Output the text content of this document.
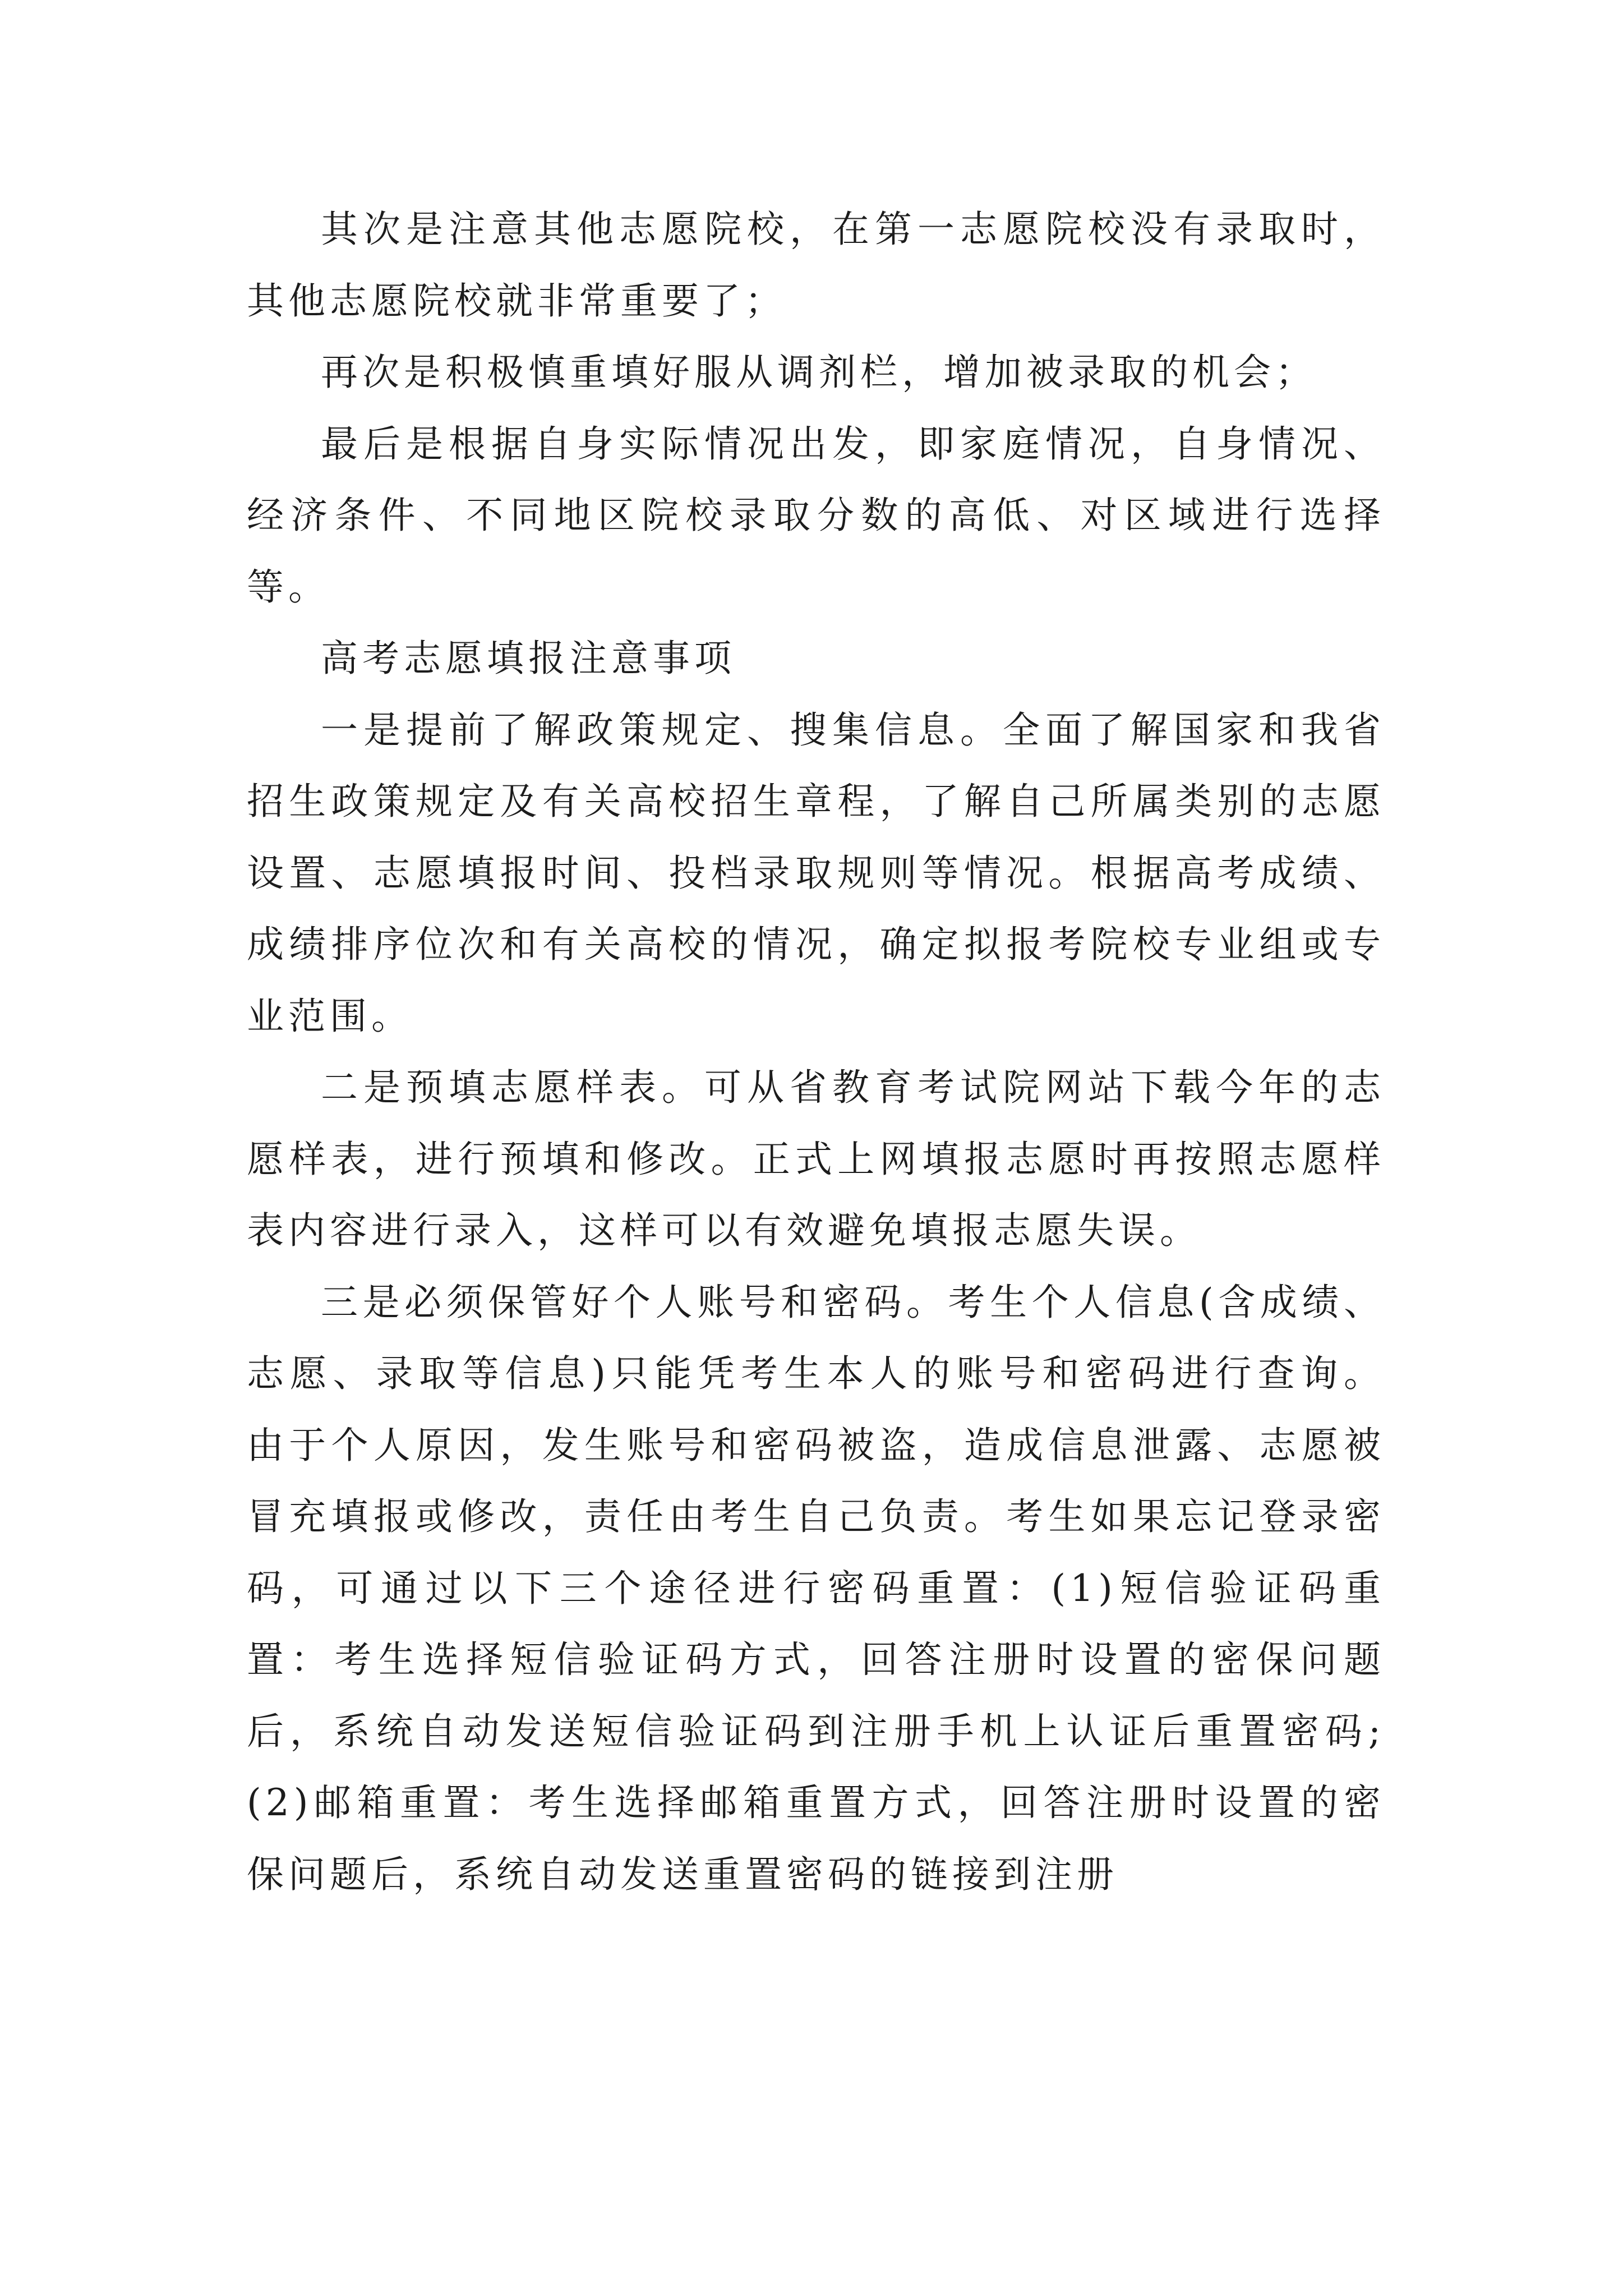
其次是注意其他志愿院校，在第一志愿院校没有录取时，其他志愿院校就非常重要了；

再次是积极慎重填好服从调剂栏，增加被录取的机会；

最后是根据自身实际情况出发，即家庭情况，自身情况、经济条件、不同地区院校录取分数的高低、对区域进行选择等。

高考志愿填报注意事项

一是提前了解政策规定、搜集信息。全面了解国家和我省招生政策规定及有关高校招生章程，了解自己所属类别的志愿设置、志愿填报时间、投档录取规则等情况。根据高考成绩、成绩排序位次和有关高校的情况，确定拟报考院校专业组或专业范围。

二是预填志愿样表。可从省教育考试院网站下载今年的志愿样表，进行预填和修改。正式上网填报志愿时再按照志愿样表内容进行录入，这样可以有效避免填报志愿失误。

三是必须保管好个人账号和密码。考生个人信息(含成绩、志愿、录取等信息)只能凭考生本人的账号和密码进行查询。由于个人原因，发生账号和密码被盗，造成信息泄露、志愿被冒充填报或修改，责任由考生自己负责。考生如果忘记登录密码，可通过以下三个途径进行密码重置：(1)短信验证码重置：考生选择短信验证码方式，回答注册时设置的密保问题后，系统自动发送短信验证码到注册手机上认证后重置密码;(2)邮箱重置：考生选择邮箱重置方式，回答注册时设置的密保问题后，系统自动发送重置密码的链接到注册
